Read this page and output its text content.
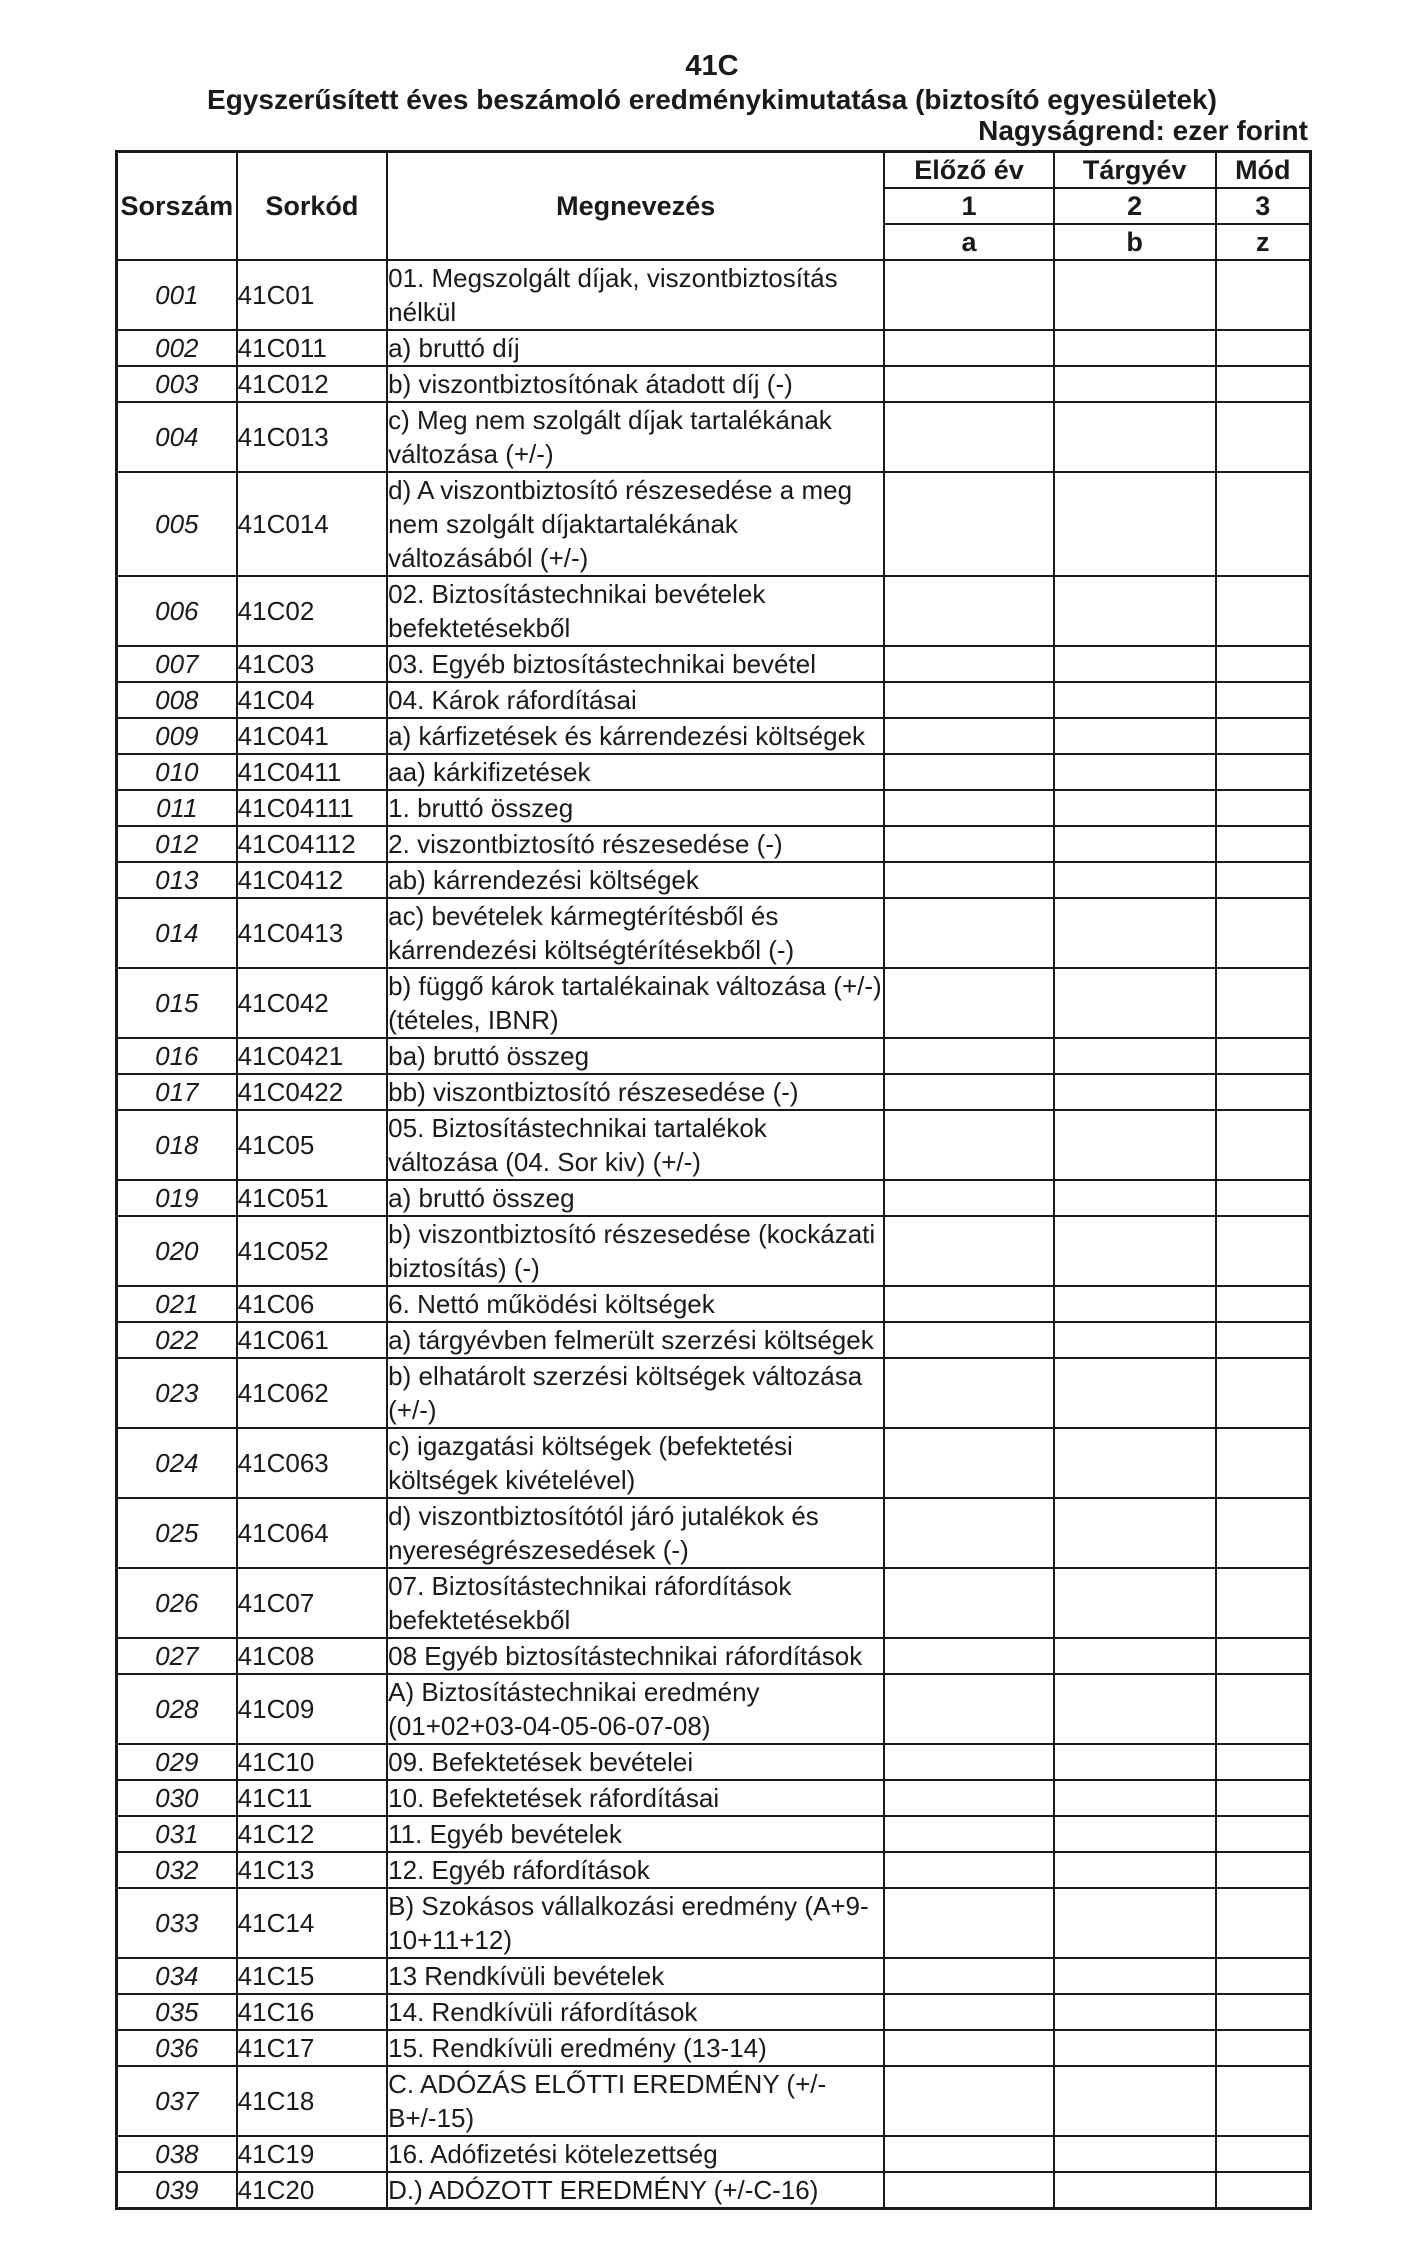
41C
Egyszerűsített éves beszámoló eredménykimutatása (biztosító egyesületek)
Nagyságrend: ezer forint
Sorszám	Sorkód	Megnevezés	Előző év	Tárgyév	Mód
			1	2	3
			a	b	z
001	41C01	01. Megszolgált díjak, viszontbiztosítás nélkül			
002	41C011	a) bruttó díj			
003	41C012	b) viszontbiztosítónak átadott díj (-)			
004	41C013	c) Meg nem szolgált díjak tartalékának változása (+/-)			
005	41C014	d) A viszontbiztosító részesedése a meg nem szolgált díjaktartalékának változásából (+/-)			
006	41C02	02. Biztosítástechnikai bevételek befektetésekből			
007	41C03	03. Egyéb biztosítástechnikai bevétel			
008	41C04	04. Károk ráfordításai			
009	41C041	a) kárfizetések és kárrendezési költségek			
010	41C0411	aa) kárkifizetések			
011	41C04111	1. bruttó összeg			
012	41C04112	2. viszontbiztosító részesedése (-)			
013	41C0412	ab) kárrendezési költségek			
014	41C0413	ac) bevételek kármegtérítésből és kárrendezési költségtérítésekből (-)			
015	41C042	b) függő károk tartalékainak változása (+/-) (tételes, IBNR)			
016	41C0421	ba) bruttó összeg			
017	41C0422	bb) viszontbiztosító részesedése (-)			
018	41C05	05. Biztosítástechnikai tartalékok változása (04. Sor kiv) (+/-)			
019	41C051	a) bruttó összeg			
020	41C052	b) viszontbiztosító részesedése (kockázati biztosítás) (-)			
021	41C06	6. Nettó működési költségek			
022	41C061	a) tárgyévben felmerült szerzési költségek			
023	41C062	b) elhatárolt szerzési költségek változása (+/-)			
024	41C063	c) igazgatási költségek (befektetési költségek kivételével)			
025	41C064	d) viszontbiztosítótól járó jutalékok és nyereségrészesedések (-)			
026	41C07	07. Biztosítástechnikai ráfordítások befektetésekből			
027	41C08	08 Egyéb biztosítástechnikai ráfordítások			
028	41C09	A) Biztosítástechnikai eredmény (01+02+03-04-05-06-07-08)			
029	41C10	09. Befektetések bevételei			
030	41C11	10. Befektetések ráfordításai			
031	41C12	11. Egyéb bevételek			
032	41C13	12. Egyéb ráfordítások			
033	41C14	B) Szokásos vállalkozási eredmény (A+9-10+11+12)			
034	41C15	13 Rendkívüli bevételek			
035	41C16	14. Rendkívüli ráfordítások			
036	41C17	15. Rendkívüli eredmény (13-14)			
037	41C18	C. ADÓZÁS ELŐTTI EREDMÉNY (+/-B+/-15)			
038	41C19	16. Adófizetési kötelezettség			
039	41C20	D.) ADÓZOTT EREDMÉNY (+/-C-16)			
